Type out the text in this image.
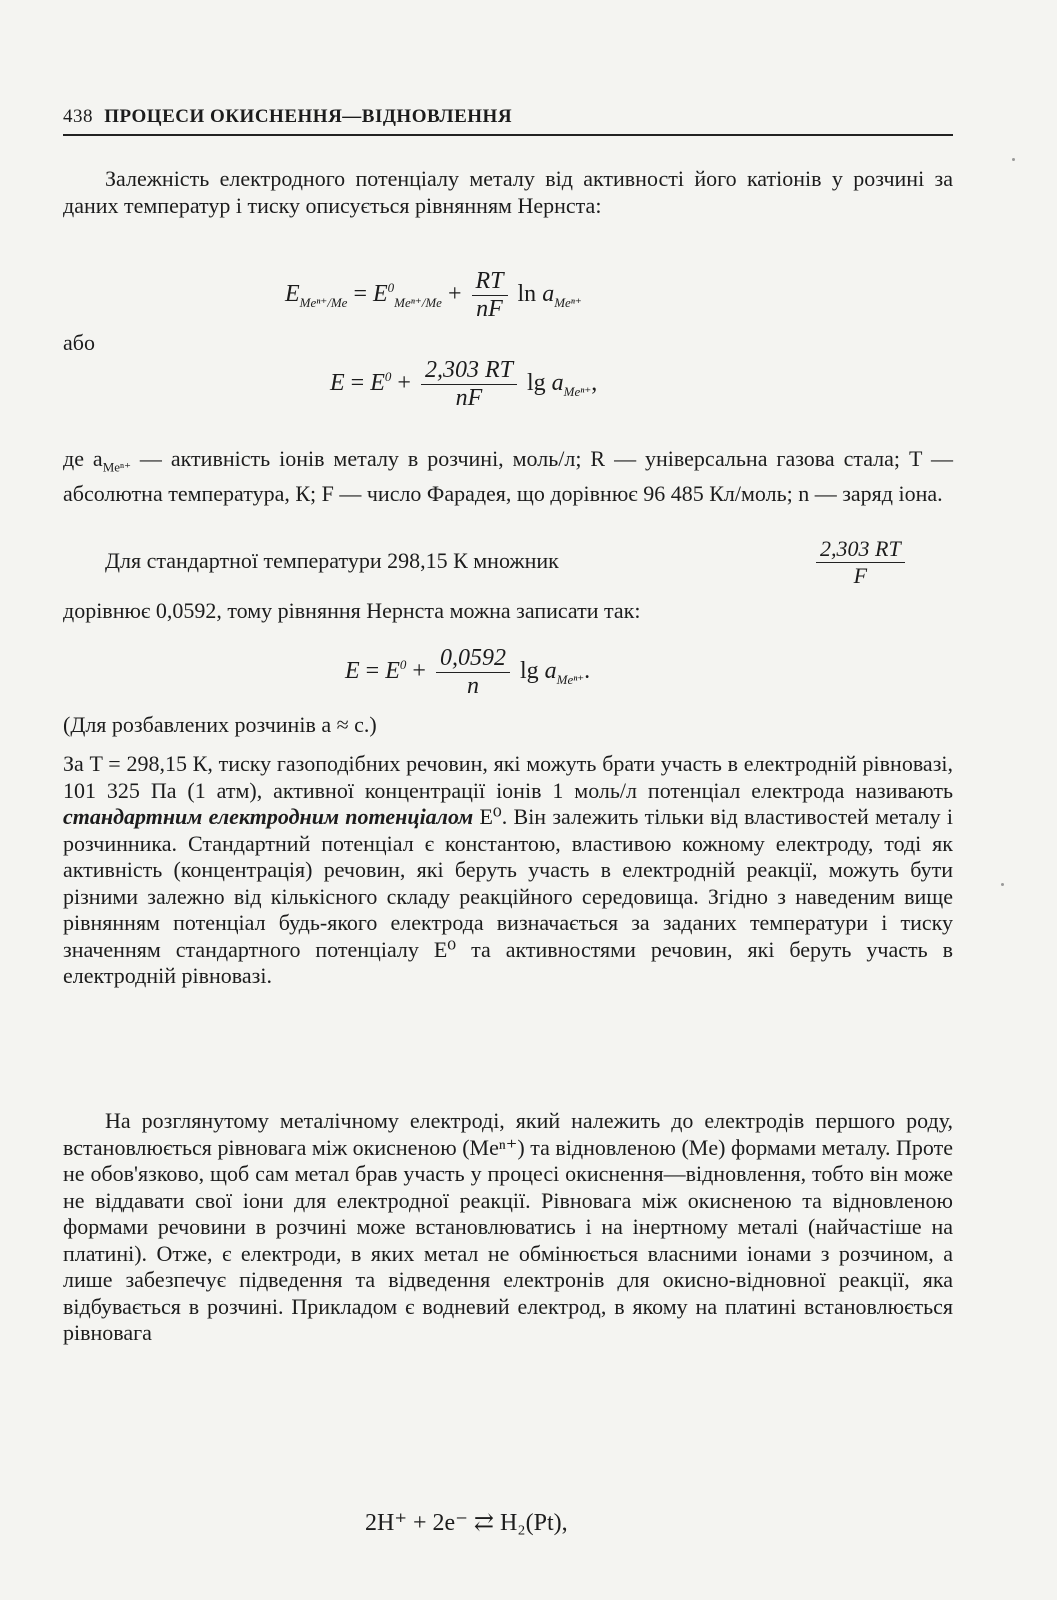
438 ПРОЦЕСИ ОКИСНЕННЯ—ВІДНОВЛЕННЯ

Залежність електродного потенціалу металу від активності його катіонів у розчині за даних температур і тиску описується рівнянням Нернста:

$E_{Me^{n+}/Me} = E^0_{Me^{n+}/Me} + \frac{RT}{nF}$ $\ln a_{Me^{n+}}$

або

$E = E^0 + \frac{2,303 RT}{nF}$ $\lg a_{Me^{n+}}$,

де $a_{Me^{n+}}$ — активність іонів металу в розчині, моль/л; R — універсальна газова стала; T — абсолютна температура, К; F — число Фарадея, що дорівнює 96 485 Кл/моль; n — заряд іона.

Для стандартної температури 298,15 К множник	$\frac{2,303 RT}{F}$

дорівнює 0,0592, тому рівняння Нернста можна записати так:

$E = E^0 + \frac{0,0592}{n}$ $\lg a_{Me^{n+}}$.

(Для розбавлених розчинів a ≈ c.)

За T = 298,15 К, тиску газоподібних речовин, які можуть брати участь в електродній рівновазі, 101 325 Па (1 атм), активної концентрації іонів 1 моль/л потенціал електрода називають стандартним електродним потенціалом E⁰. Він залежить тільки від властивостей металу і розчинника. Стандартний потенціал є константою, властивою кожному електроду, тоді як активність (концентрація) речовин, які беруть участь в електродній реакції, можуть бути різними залежно від кількісного складу реакційного середовища. Згідно з наведеним вище рівнянням потенціал будь-якого електрода визначається за заданих температури і тиску значенням стандартного потенціалу E⁰ та активностями речовин, які беруть участь в електродній рівновазі.

На розглянутому металічному електроді, який належить до електродів першого роду, встановлюється рівновага між окисненою (Meⁿ⁺) та відновленою (Me) формами металу. Проте не обов'язково, щоб сам метал брав участь у процесі окиснення—відновлення, тобто він може не віддавати свої іони для електродної реакції. Рівновага між окисненою та відновленою формами речовини в розчині може встановлюватись і на інертному металі (найчастіше на платині). Отже, є електроди, в яких метал не обмінюється власними іонами з розчином, а лише забезпечує підведення та відведення електронів для окисно-відновної реакції, яка відбувається в розчині. Прикладом є водневий електрод, в якому на платині встановлюється рівновага

2H⁺ + 2e⁻ ⇄ H₂(Pt),
